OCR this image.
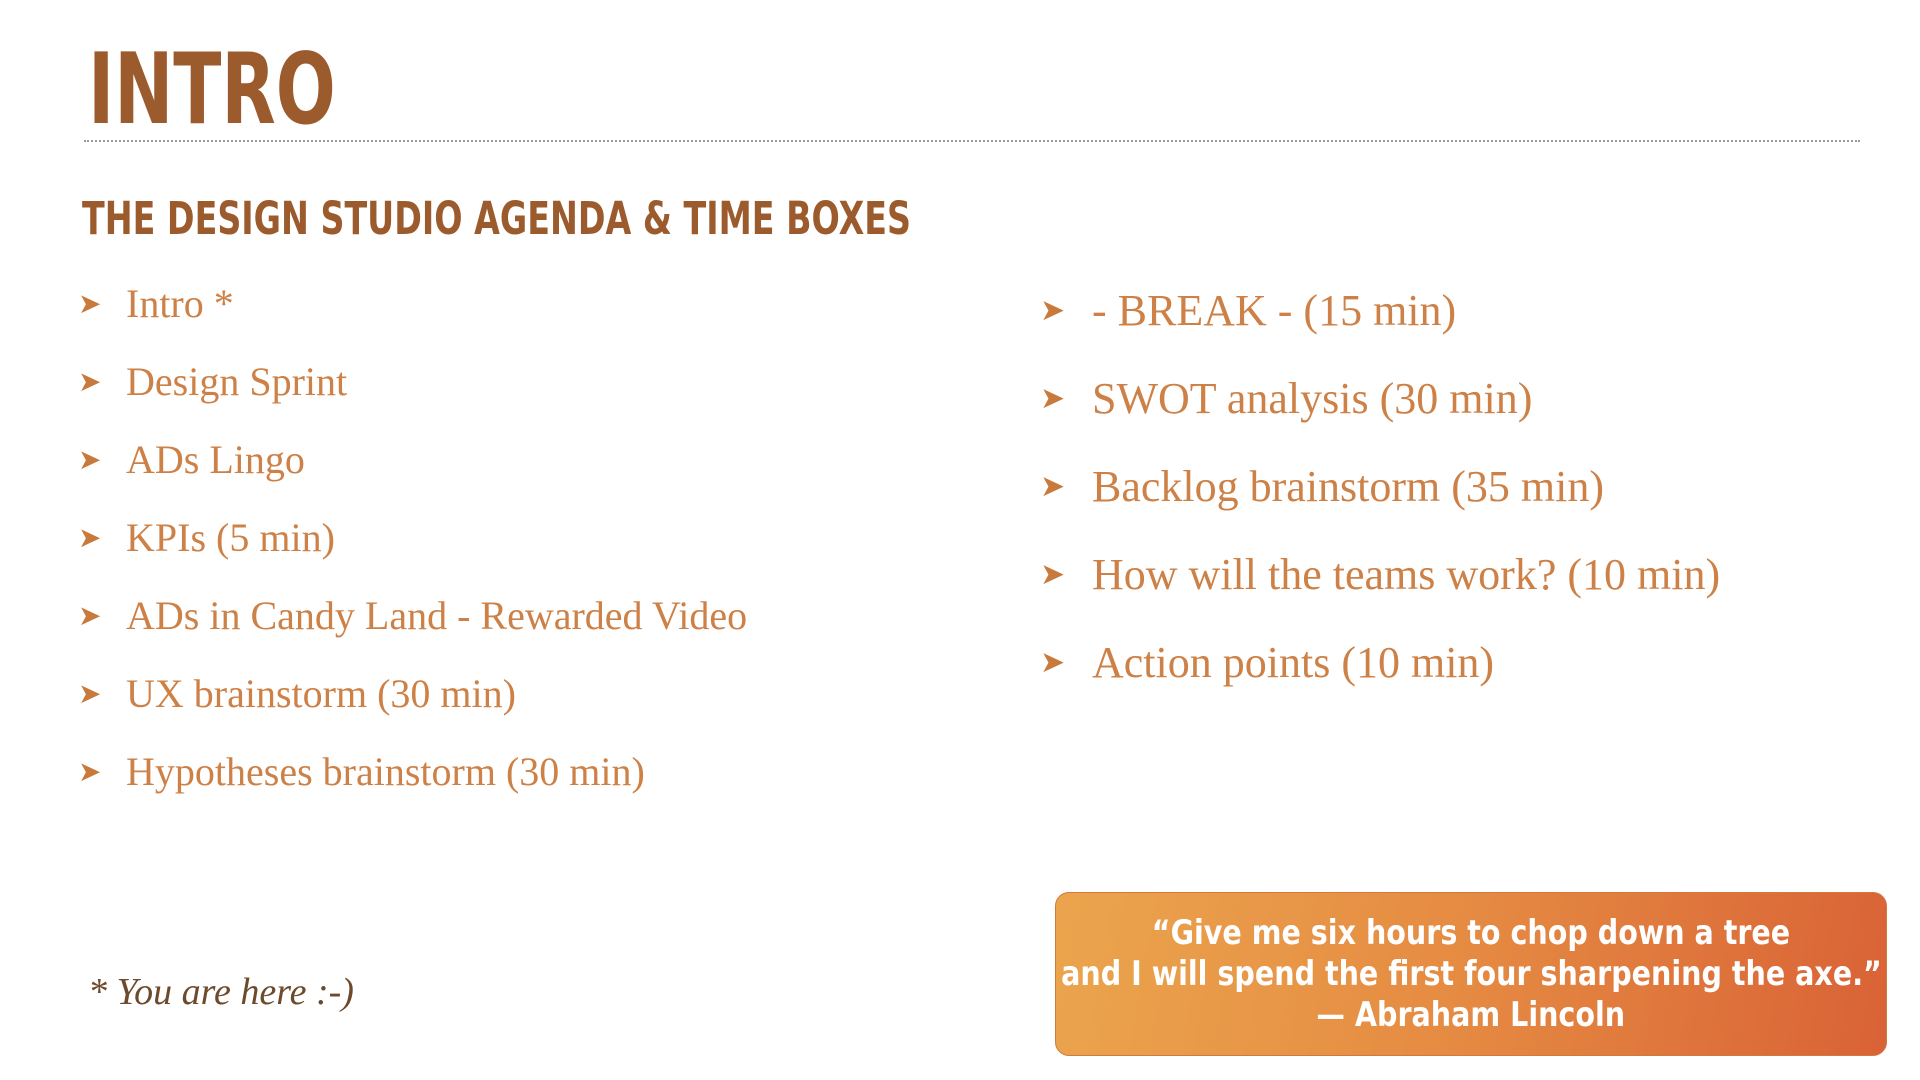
INTRO
THE DESIGN STUDIO AGENDA & TIME BOXES
➤ Intro *
➤ Design Sprint
➤ ADs Lingo
➤ KPIs (5 min)
➤ ADs in Candy Land - Rewarded Video
➤ UX brainstorm (30 min)
➤ Hypotheses brainstorm (30 min)
➤ - BREAK - (15 min)
➤ SWOT analysis (30 min)
➤ Backlog brainstorm (35 min)
➤ How will the teams work? (10 min)
➤ Action points (10 min)

* You are here :-)

“Give me six hours to chop down a tree
and I will spend the first four sharpening the axe.”
— Abraham Lincoln
